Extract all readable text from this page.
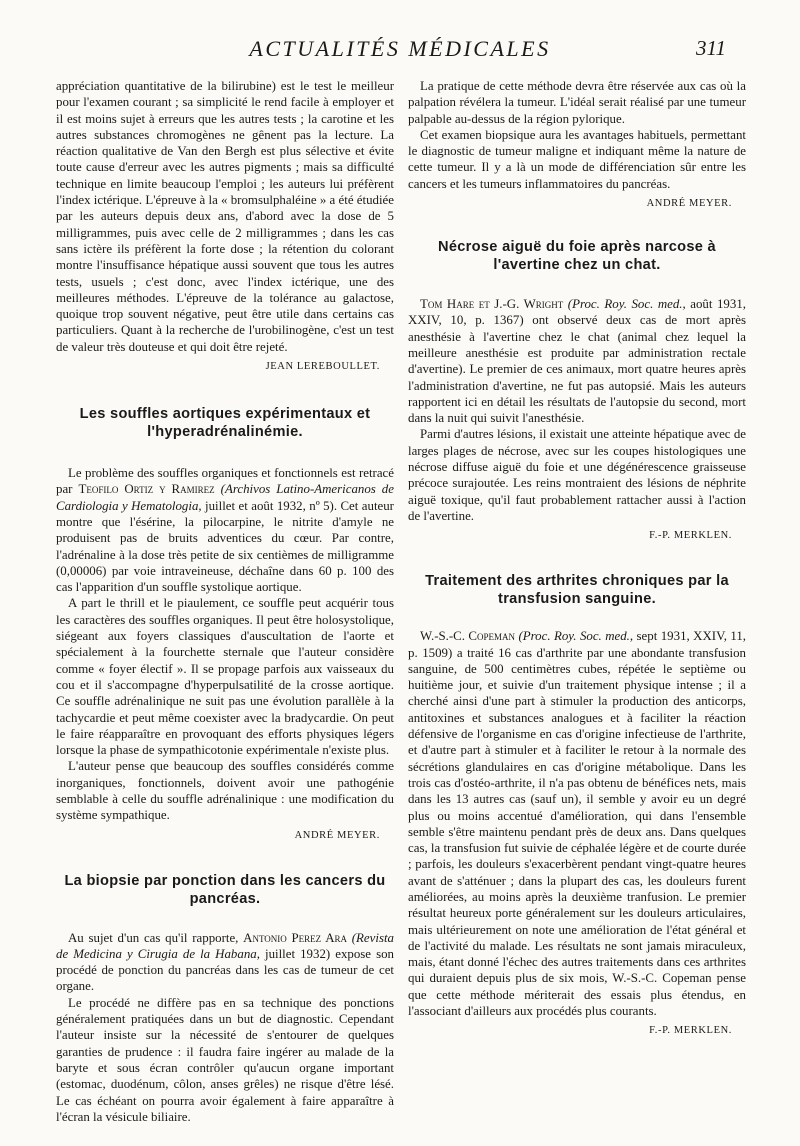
ACTUALITÉS MÉDICALES	311

appréciation quantitative de la bilirubine) est le test le meilleur pour l'examen courant ; sa simplicité le rend facile à employer et il est moins sujet à erreurs que les autres tests ; la carotine et les autres substances chromogènes ne gênent pas la lecture. La réaction qualitative de Van den Bergh est plus sélective et évite toute cause d'erreur avec les autres pigments ; mais sa difficulté technique en limite beaucoup l'emploi ; les auteurs lui préfèrent l'index ictérique. L'épreuve à la « bromsulphaléine » a été étudiée par les auteurs depuis deux ans, d'abord avec la dose de 5 milligrammes, puis avec celle de 2 milligrammes ; dans les cas sans ictère ils préfèrent la forte dose ; la rétention du colorant montre l'insuffisance hépatique aussi souvent que tous les autres tests, usuels ; c'est donc, avec l'index ictérique, une des meilleures méthodes. L'épreuve de la tolérance au galactose, quoique trop souvent négative, peut être utile dans certains cas particuliers. Quant à la recherche de l'urobilinogène, c'est un test de valeur très douteuse et qui doit être rejeté.

JEAN LEREBOULLET.
Les souffles aortiques expérimentaux et l'hyperadrénalinémie.

Le problème des souffles organiques et fonctionnels est retracé par Teofilo Ortiz y Ramirez (Archivos Latino-Americanos de Cardiologia y Hematologia, juillet et août 1932, nº 5). Cet auteur montre que l'ésérine, la pilocarpine, le nitrite d'amyle ne produisent pas de bruits adventices du cœur. Par contre, l'adrénaline à la dose très petite de six centièmes de milligramme (0,00006) par voie intraveineuse, déchaîne dans 60 p. 100 des cas l'apparition d'un souffle systolique aortique.

A part le thrill et le piaulement, ce souffle peut acquérir tous les caractères des souffles organiques. Il peut être holosystolique, siégeant aux foyers classiques d'auscultation de l'aorte et spécialement à la fourchette sternale que l'auteur considère comme « foyer électif ». Il se propage parfois aux vaisseaux du cou et il s'accompagne d'hyperpulsatilité de la crosse aortique. Ce souffle adrénalinique ne suit pas une évolution parallèle à la tachycardie et peut même coexister avec la bradycardie. On peut le faire réapparaître en provoquant des efforts physiques légers lorsque la phase de sympathicotonie expérimentale n'existe plus.

L'auteur pense que beaucoup des souffles considérés comme inorganiques, fonctionnels, doivent avoir une pathogénie semblable à celle du souffle adrénalinique : une modification du système sympathique.

ANDRÉ MEYER.
La biopsie par ponction dans les cancers du pancréas.

Au sujet d'un cas qu'il rapporte, Antonio Perez Ara (Revista de Medicina y Cirugia de la Habana, juillet 1932) expose son procédé de ponction du pancréas dans les cas de tumeur de cet organe.

Le procédé ne diffère pas en sa technique des ponctions généralement pratiquées dans un but de diagnostic. Cependant l'auteur insiste sur la nécessité de s'entourer de quelques garanties de prudence : il faudra faire ingérer au malade de la baryte et sous écran contrôler qu'aucun organe important (estomac, duodénum, côlon, anses grêles) ne risque d'être lésé. Le cas échéant on pourra avoir également à faire apparaître à l'écran la vésicule biliaire.

La pratique de cette méthode devra être réservée aux cas où la palpation révélera la tumeur. L'idéal serait réalisé par une tumeur palpable au-dessus de la région pylorique.

Cet examen biopsique aura les avantages habituels, permettant le diagnostic de tumeur maligne et indiquant même la nature de cette tumeur. Il y a là un mode de différenciation sûr entre les cancers et les tumeurs inflammatoires du pancréas.

ANDRÉ MEYER.
Nécrose aiguë du foie après narcose à l'avertine chez un chat.

Tom Hare et J.-G. Wright (Proc. Roy. Soc. med., août 1931, XXIV, 10, p. 1367) ont observé deux cas de mort après anesthésie à l'avertine chez le chat (animal chez lequel la meilleure anesthésie est produite par administration rectale d'avertine). Le premier de ces animaux, mort quatre heures après l'administration d'avertine, ne fut pas autopsié. Mais les auteurs rapportent ici en détail les résultats de l'autopsie du second, mort dans la nuit qui suivit l'anesthésie.

Parmi d'autres lésions, il existait une atteinte hépatique avec de larges plages de nécrose, avec sur les coupes histologiques une nécrose diffuse aiguë du foie et une dégénérescence graisseuse précoce surajoutée. Les reins montraient des lésions de néphrite aiguë toxique, qu'il faut probablement rattacher aussi à l'action de l'avertine.

F.-P. MERKLEN.
Traitement des arthrites chroniques par la transfusion sanguine.

W.-S.-C. Copeman (Proc. Roy. Soc. med., sept 1931, XXIV, 11, p. 1509) a traité 16 cas d'arthrite par une abondante transfusion sanguine, de 500 centimètres cubes, répétée le septième ou huitième jour, et suivie d'un traitement physique intense ; il a cherché ainsi d'une part à stimuler la production des anticorps, antitoxines et substances analogues et à faciliter la réaction défensive de l'organisme en cas d'origine infectieuse de l'arthrite, et d'autre part à stimuler et à faciliter le retour à la normale des sécrétions glandulaires en cas d'origine métabolique. Dans les trois cas d'ostéo-arthrite, il n'a pas obtenu de bénéfices nets, mais dans les 13 autres cas (sauf un), il semble y avoir eu un degré plus ou moins accentué d'amélioration, qui dans l'ensemble semble s'être maintenu pendant près de deux ans. Dans quelques cas, la transfusion fut suivie de céphalée légère et de courte durée ; parfois, les douleurs s'exacerbèrent pendant vingt-quatre heures avant de s'atténuer ; dans la plupart des cas, les douleurs furent améliorées, au moins après la deuxième tranfusion. Le premier résultat heureux porte généralement sur les douleurs articulaires, mais ultérieurement on note une amélioration de l'état général et de l'activité du malade. Les résultats ne sont jamais miraculeux, mais, étant donné l'échec des autres traitements dans ces arthrites qui duraient depuis plus de six mois, W.-S.-C. Copeman pense que cette méthode mériterait des essais plus étendus, en l'associant d'ailleurs aux procédés plus courants.

F.-P. MERKLEN.
